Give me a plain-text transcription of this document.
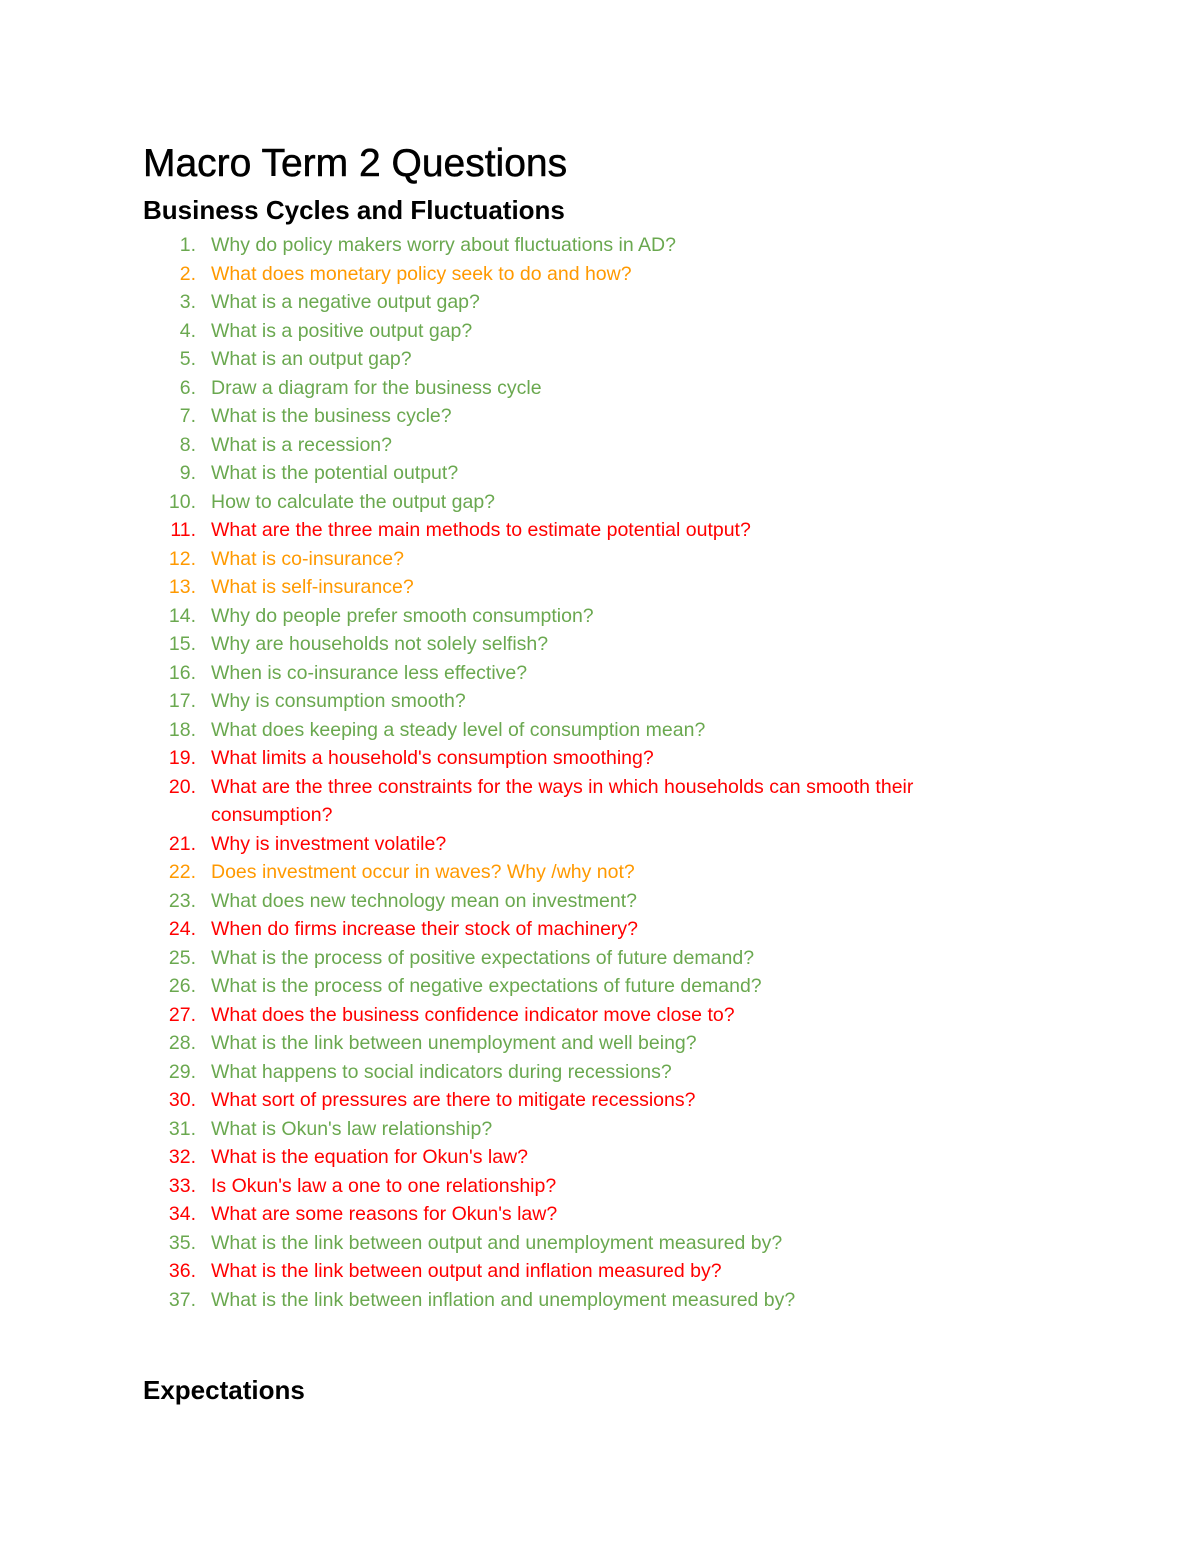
Macro Term 2 Questions
Business Cycles and Fluctuations
1. Why do policy makers worry about fluctuations in AD?
2. What does monetary policy seek to do and how?
3. What is a negative output gap?
4. What is a positive output gap?
5. What is an output gap?
6. Draw a diagram for the business cycle
7. What is the business cycle?
8. What is a recession?
9. What is the potential output?
10. How to calculate the output gap?
11. What are the three main methods to estimate potential output?
12. What is co-insurance?
13. What is self-insurance?
14. Why do people prefer smooth consumption?
15. Why are households not solely selfish?
16. When is co-insurance less effective?
17. Why is consumption smooth?
18. What does keeping a steady level of consumption mean?
19. What limits a household's consumption smoothing?
20. What are the three constraints for the ways in which households can smooth their consumption?
21. Why is investment volatile?
22. Does investment occur in waves? Why /why not?
23. What does new technology mean on investment?
24. When do firms increase their stock of machinery?
25. What is the process of positive expectations of future demand?
26. What is the process of negative expectations of future demand?
27. What does the business confidence indicator move close to?
28. What is the link between unemployment and well being?
29. What happens to social indicators during recessions?
30. What sort of pressures are there to mitigate recessions?
31. What is Okun's law relationship?
32. What is the equation for Okun's law?
33. Is Okun's law a one to one relationship?
34. What are some reasons for Okun's law?
35. What is the link between output and unemployment measured by?
36. What is the link between output and inflation measured by?
37. What is the link between inflation and unemployment measured by?
Expectations
